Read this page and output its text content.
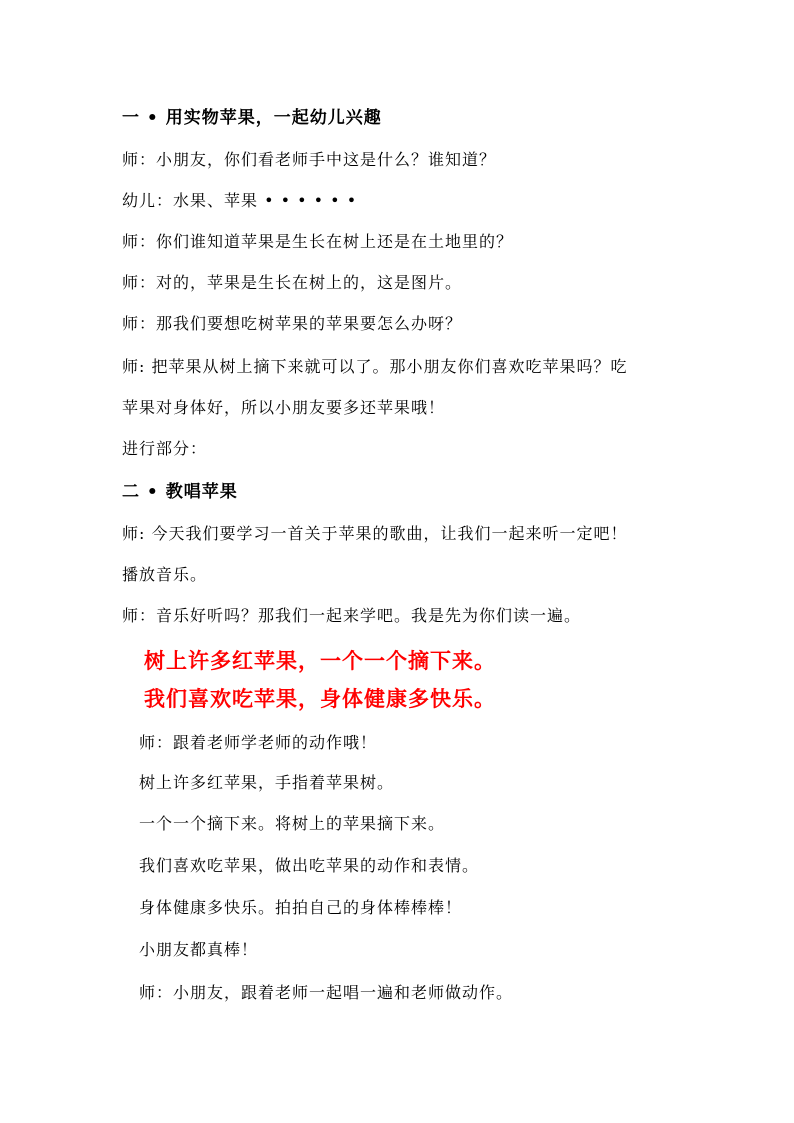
一 • 用实物苹果，一起幼儿兴趣
师：小朋友，你们看老师手中这是什么？谁知道？
幼儿：水果、苹果 • • • • • •
师：你们谁知道苹果是生长在树上还是在土地里的？
师：对的，苹果是生长在树上的，这是图片。
师：那我们要想吃树苹果的苹果要怎么办呀？
师: 把苹果从树上摘下来就可以了。那小朋友你们喜欢吃苹果吗？吃
苹果对身体好，所以小朋友要多还苹果哦！
进行部分：
二 • 教唱苹果
师: 今天我们要学习一首关于苹果的歌曲，让我们一起来听一定吧！
播放音乐。
师：音乐好听吗？那我们一起来学吧。我是先为你们读一遍。
树上许多红苹果，一个一个摘下来。
我们喜欢吃苹果，身体健康多快乐。
师：跟着老师学老师的动作哦！
树上许多红苹果，手指着苹果树。
一个一个摘下来。将树上的苹果摘下来。
我们喜欢吃苹果，做出吃苹果的动作和表情。
身体健康多快乐。拍拍自己的身体棒棒棒！
小朋友都真棒！
师：小朋友，跟着老师一起唱一遍和老师做动作。
